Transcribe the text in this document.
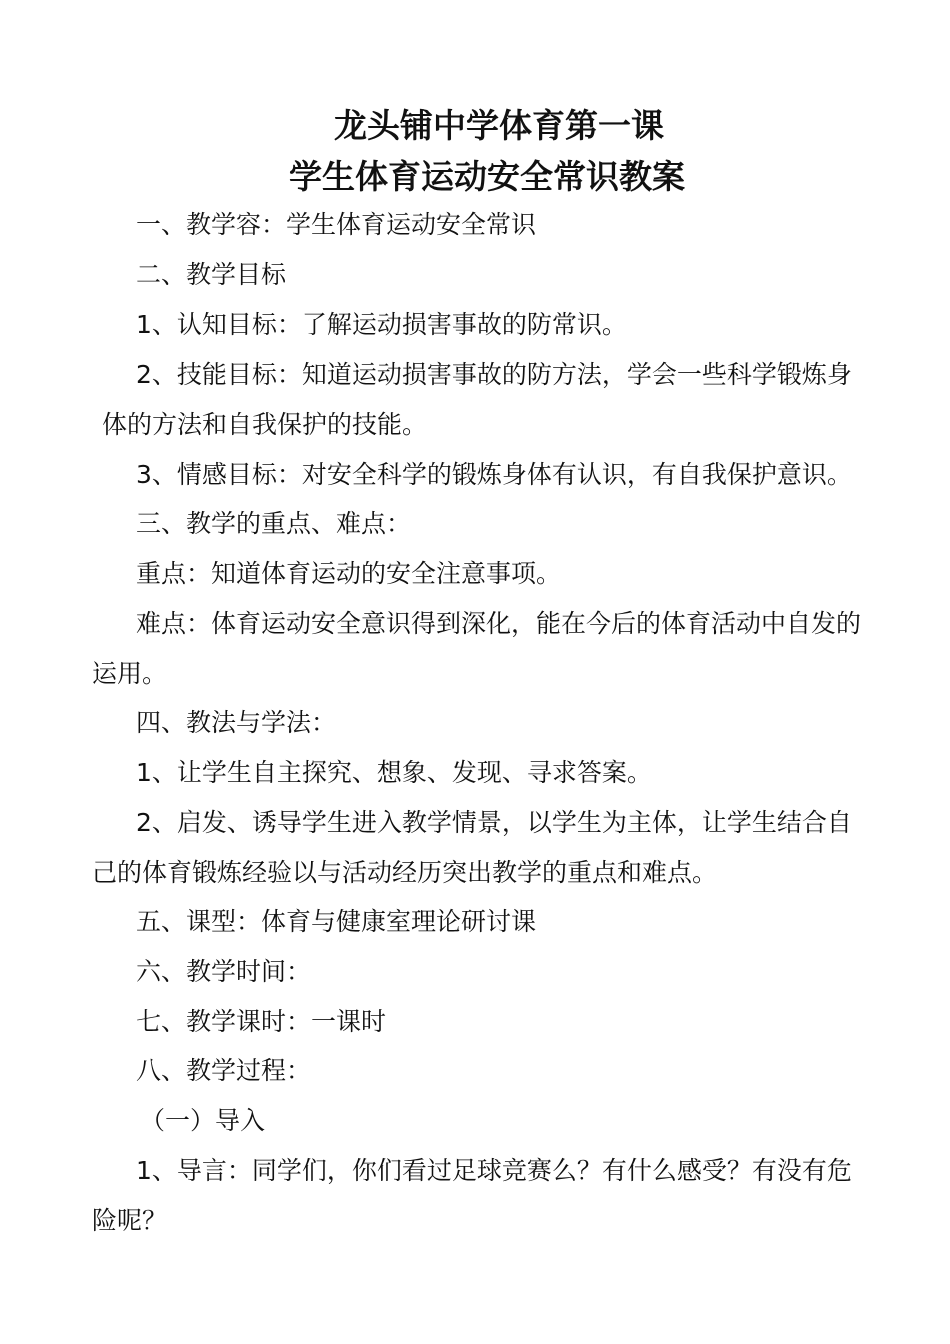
龙头铺中学体育第一课
学生体育运动安全常识教案
一、教学容：学生体育运动安全常识
二、教学目标
1、认知目标：了解运动损害事故的防常识。
2、技能目标：知道运动损害事故的防方法，学会一些科学锻炼身
体的方法和自我保护的技能。
3、情感目标：对安全科学的锻炼身体有认识，有自我保护意识。
三、教学的重点、难点：
重点：知道体育运动的安全注意事项。
难点：体育运动安全意识得到深化，能在今后的体育活动中自发的
运用。
四、教法与学法：
1、让学生自主探究、想象、发现、寻求答案。
2、启发、诱导学生进入教学情景，以学生为主体，让学生结合自
己的体育锻炼经验以与活动经历突出教学的重点和难点。
五、课型：体育与健康室理论研讨课
六、教学时间：
七、教学课时：一课时
八、教学过程：
（一）导入
1、导言：同学们，你们看过足球竞赛么？有什么感受？有没有危
险呢？
